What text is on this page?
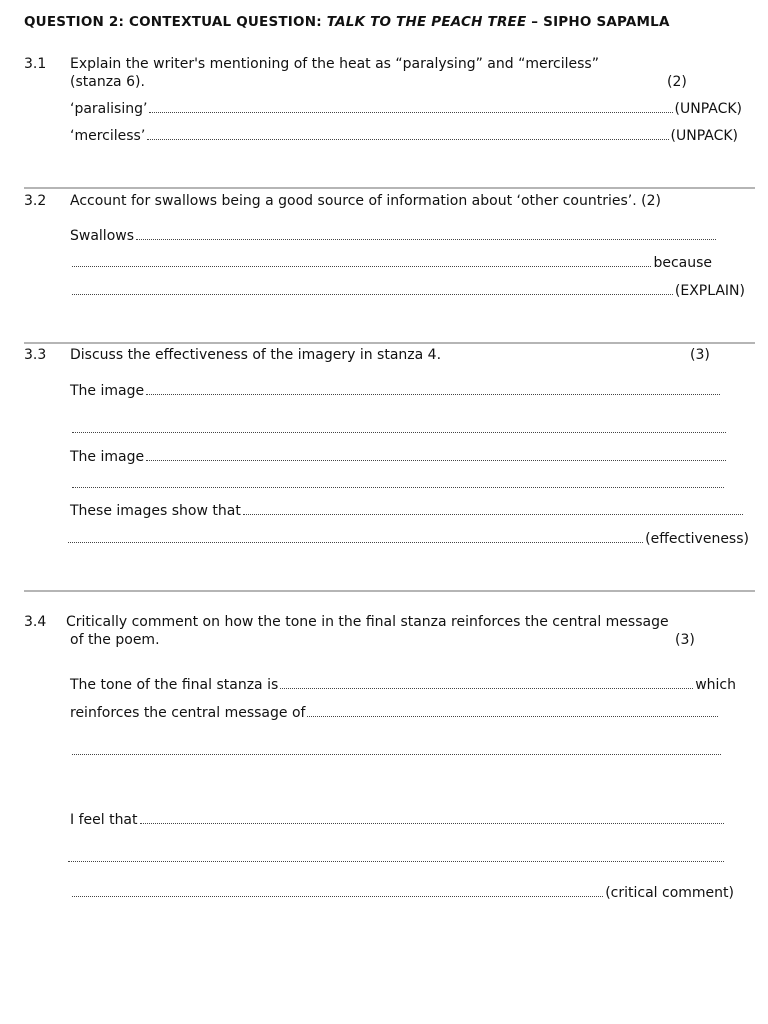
QUESTION 2: CONTEXTUAL QUESTION: TALK TO THE PEACH TREE – SIPHO SAPAMLA
3.1 Explain the writer's mentioning of the heat as “paralysing” and “merciless”
(stanza 6).	(2)
‘paralising’	(UNPACK)
‘merciless’	(UNPACK)
3.2 Account for swallows being a good source of information about ‘other countries’. (2)
Swallows
because
(EXPLAIN)
3.3 Discuss the effectiveness of the imagery in stanza 4.	(3)
The image
The image
These images show that
(effectiveness)
3.4 Critically comment on how the tone in the final stanza reinforces the central message
of the poem.	(3)
The tone of the final stanza is	which
reinforces the central message of
I feel that
(critical comment)
